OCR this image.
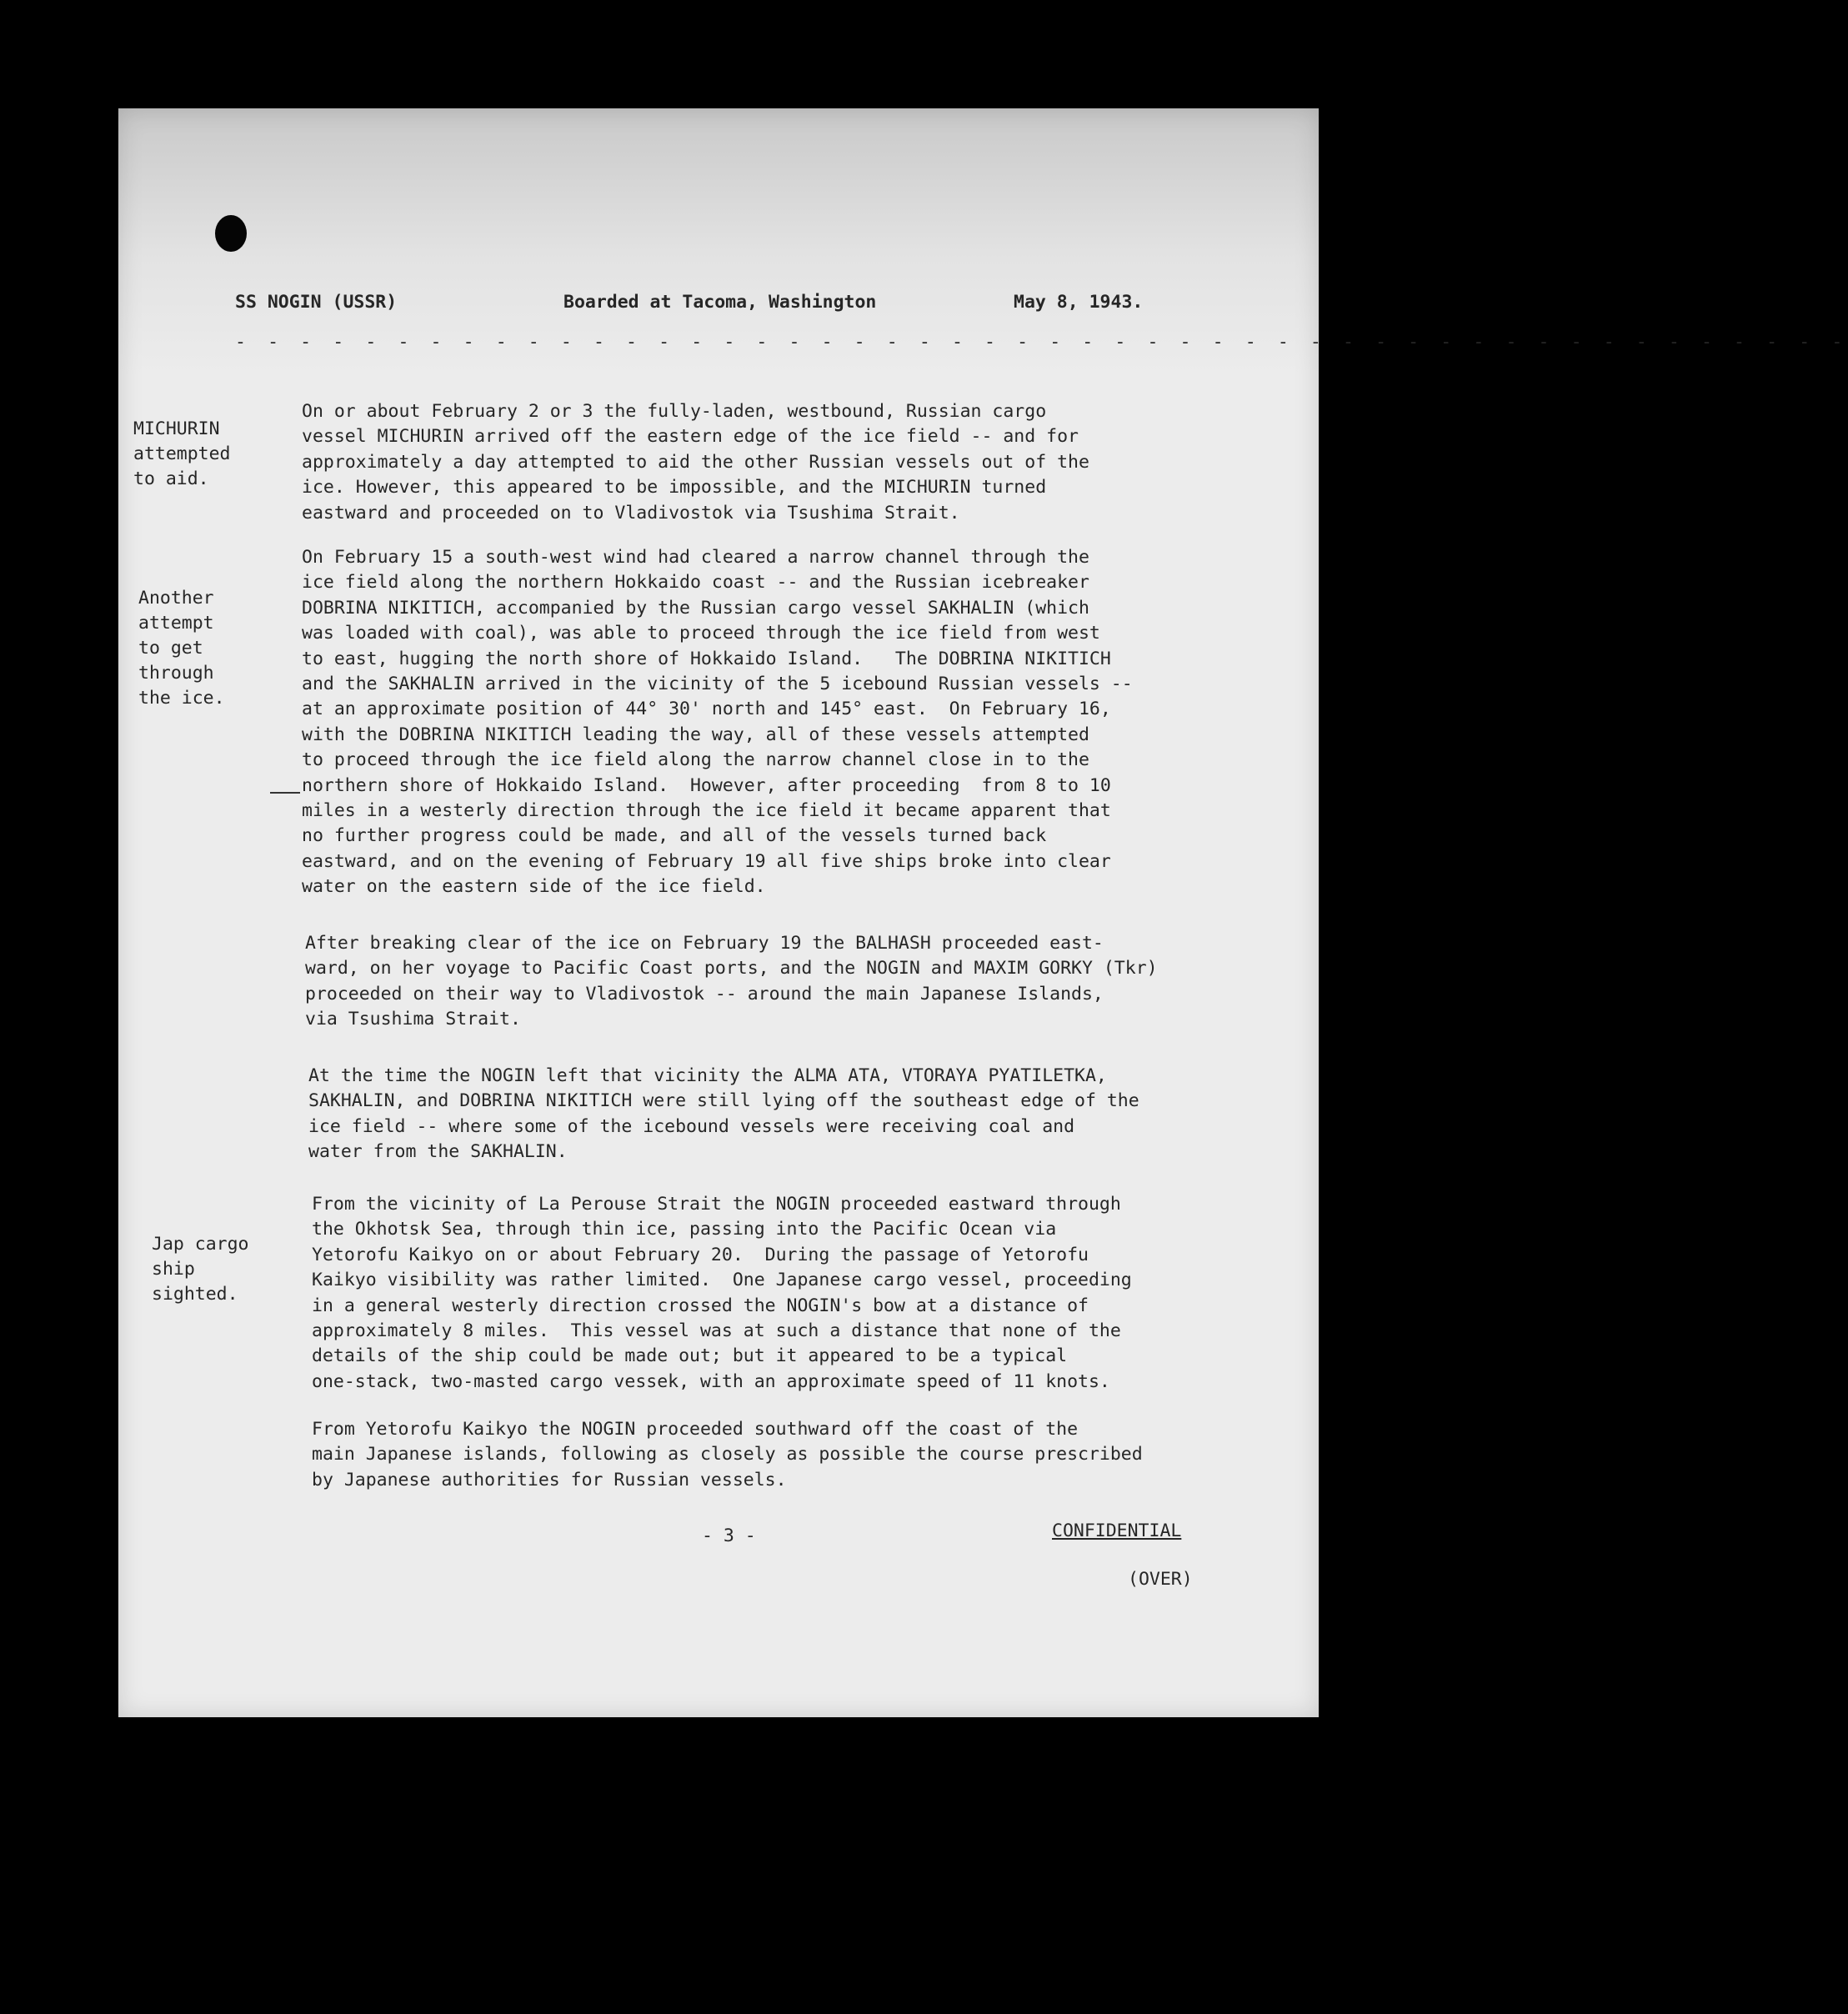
SS NOGIN (USSR)	Boarded at Tacoma, Washington	May 8, 1943.
- - - - - - - - - - - - - - - - - - - - - - - - - - - - - - - - - - - - - - - - - - - - - - - - - -
MICHURIN
attempted
to aid.
Another
attempt
to get
through
the ice.
Jap cargo
ship
sighted.
On or about February 2 or 3 the fully-laden, westbound, Russian cargo
vessel MICHURIN arrived off the eastern edge of the ice field -- and for
approximately a day attempted to aid the other Russian vessels out of the
ice. However, this appeared to be impossible, and the MICHURIN turned
eastward and proceeded on to Vladivostok via Tsushima Strait.
On February 15 a south-west wind had cleared a narrow channel through the
ice field along the northern Hokkaido coast -- and the Russian icebreaker
DOBRINA NIKITICH, accompanied by the Russian cargo vessel SAKHALIN (which
was loaded with coal), was able to proceed through the ice field from west
to east, hugging the north shore of Hokkaido Island.   The DOBRINA NIKITICH
and the SAKHALIN arrived in the vicinity of the 5 icebound Russian vessels --
at an approximate position of 44° 30' north and 145° east.  On February 16,
with the DOBRINA NIKITICH leading the way, all of these vessels attempted
to proceed through the ice field along the narrow channel close in to the
northern shore of Hokkaido Island.  However, after proceeding  from 8 to 10
miles in a westerly direction through the ice field it became apparent that
no further progress could be made, and all of the vessels turned back
eastward, and on the evening of February 19 all five ships broke into clear
water on the eastern side of the ice field.
After breaking clear of the ice on February 19 the BALHASH proceeded east-
ward, on her voyage to Pacific Coast ports, and the NOGIN and MAXIM GORKY (Tkr)
proceeded on their way to Vladivostok -- around the main Japanese Islands,
via Tsushima Strait.
At the time the NOGIN left that vicinity the ALMA ATA, VTORAYA PYATILETKA,
SAKHALIN, and DOBRINA NIKITICH were still lying off the southeast edge of the
ice field -- where some of the icebound vessels were receiving coal and
water from the SAKHALIN.
From the vicinity of La Perouse Strait the NOGIN proceeded eastward through
the Okhotsk Sea, through thin ice, passing into the Pacific Ocean via
Yetorofu Kaikyo on or about February 20.  During the passage of Yetorofu
Kaikyo visibility was rather limited.  One Japanese cargo vessel, proceeding
in a general westerly direction crossed the NOGIN's bow at a distance of
approximately 8 miles.  This vessel was at such a distance that none of the
details of the ship could be made out; but it appeared to be a typical
one-stack, two-masted cargo vessek, with an approximate speed of 11 knots.
From Yetorofu Kaikyo the NOGIN proceeded southward off the coast of the
main Japanese islands, following as closely as possible the course prescribed
by Japanese authorities for Russian vessels.
- 3 -	CONFIDENTIAL
(OVER)
